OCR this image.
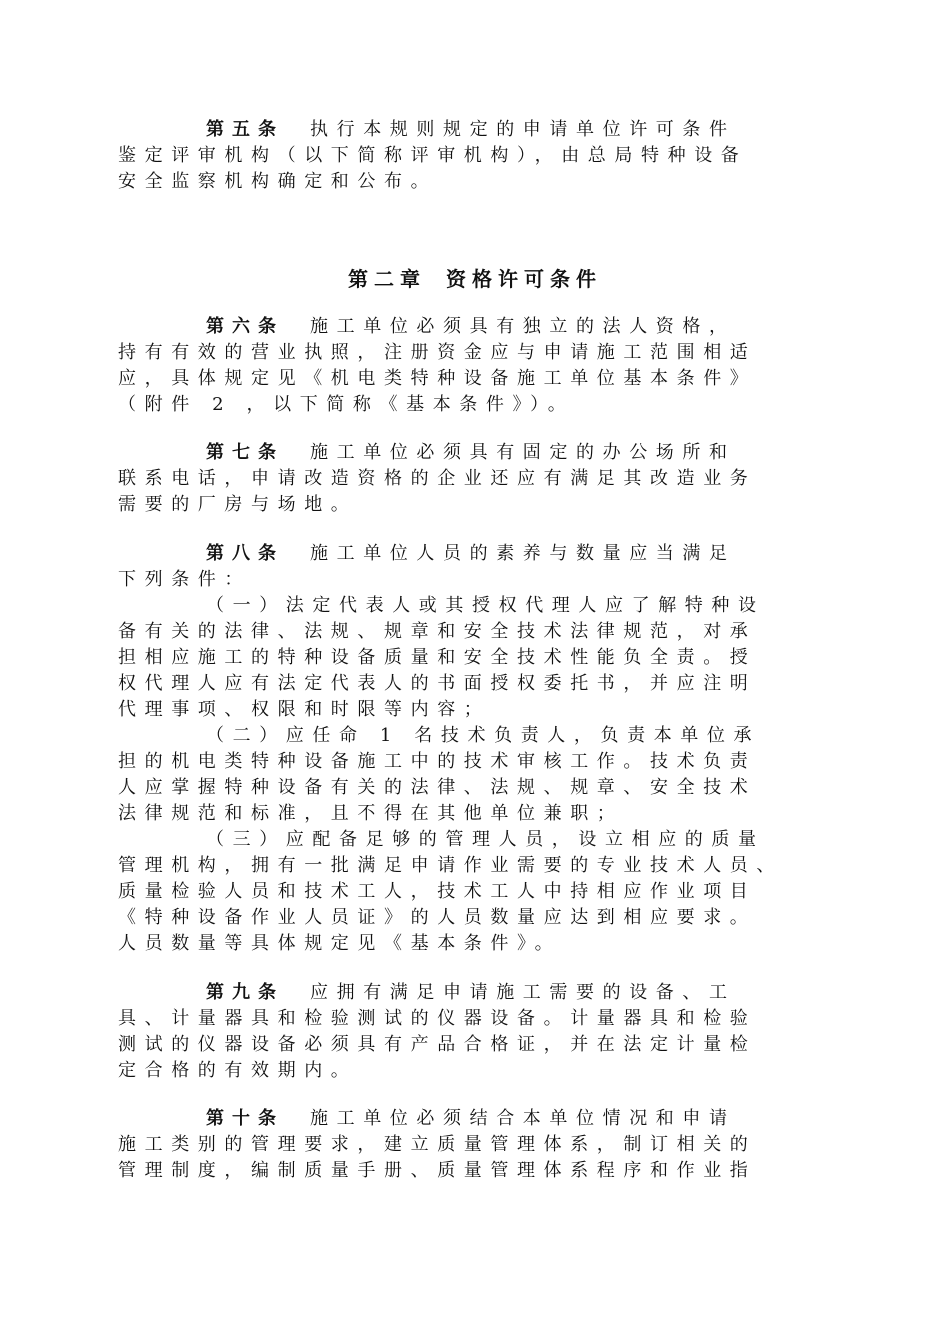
第五条 执行本规则规定的申请单位许可条件
鉴定评审机构（以下简称评审机构），由总局特种设备
安全监察机构确定和公布。
第二章 资格许可条件
第六条 施工单位必须具有独立的法人资格，
持有有效的营业执照，注册资金应与申请施工范围相适
应，具体规定见《机电类特种设备施工单位基本条件》
（附件 2 ，以下简称《基本条件》）。
第七条 施工单位必须具有固定的办公场所和
联系电话，申请改造资格的企业还应有满足其改造业务
需要的厂房与场地。
第八条 施工单位人员的素养与数量应当满足
下列条件：
（一）法定代表人或其授权代理人应了解特种设
备有关的法律、法规、规章和安全技术法律规范，对承
担相应施工的特种设备质量和安全技术性能负全责。授
权代理人应有法定代表人的书面授权委托书，并应注明
代理事项、权限和时限等内容；
（二）应任命 1 名技术负责人，负责本单位承
担的机电类特种设备施工中的技术审核工作。技术负责
人应掌握特种设备有关的法律、法规、规章、安全技术
法律规范和标准，且不得在其他单位兼职；
（三）应配备足够的管理人员，设立相应的质量
管理机构，拥有一批满足申请作业需要的专业技术人员、
质量检验人员和技术工人，技术工人中持相应作业项目
《特种设备作业人员证》的人员数量应达到相应要求。
人员数量等具体规定见《基本条件》。
第九条 应拥有满足申请施工需要的设备、工
具、计量器具和检验测试的仪器设备。计量器具和检验
测试的仪器设备必须具有产品合格证，并在法定计量检
定合格的有效期内。
第十条 施工单位必须结合本单位情况和申请
施工类别的管理要求，建立质量管理体系，制订相关的
管理制度，编制质量手册、质量管理体系程序和作业指
